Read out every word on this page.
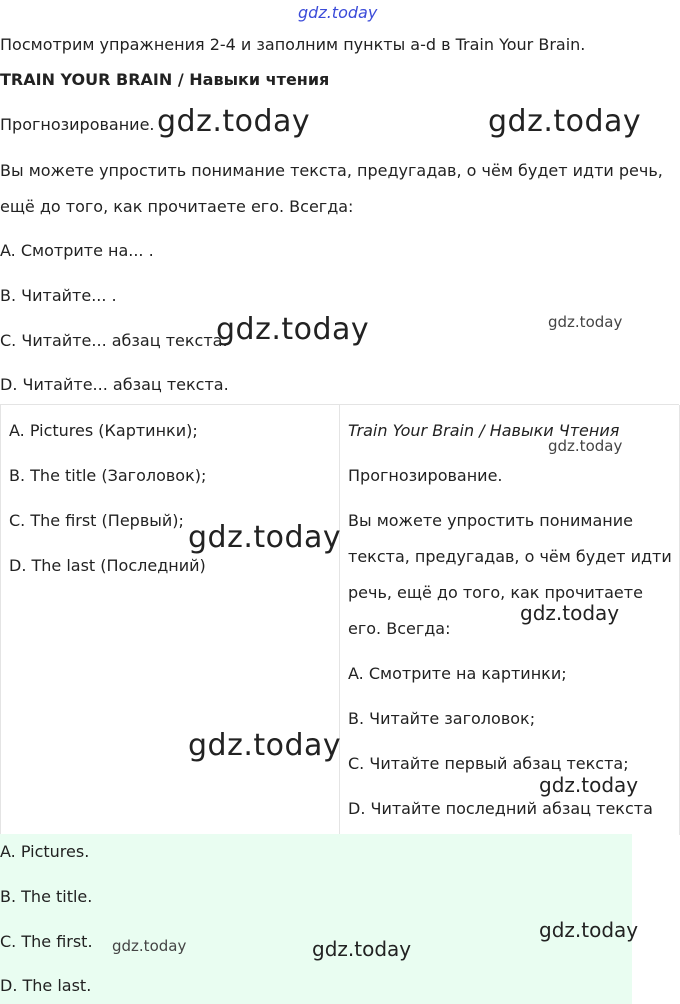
gdz.today
Посмотрим упражнения 2-4 и заполним пункты a-d в Train Your Brain.
TRAIN YOUR BRAIN / Навыки чтения
Прогнозирование.
Вы можете упростить понимание текста, предугадав, о чём будет идти речь,
ещё до того, как прочитаете его. Всегда:
A. Смотрите на... .
B. Читайте... .
C. Читайте... абзац текста.
D. Читайте... абзац текста.
A. Pictures (Картинки);
B. The title (Заголовок);
C. The first (Первый);
D. The last (Последний)
Train Your Brain / Навыки Чтения
Прогнозирование.
Вы можете упростить понимание
текста, предугадав, о чём будет идти
речь, ещё до того, как прочитаете
его. Всегда:
A. Смотрите на картинки;
B. Читайте заголовок;
C. Читайте первый абзац текста;
D. Читайте последний абзац текста
A. Pictures.
B. The title.
C. The first.
D. The last.
gdz.today	gdz.today
gdz.today	gdz.today
gdz.today
gdz.today
gdz.today
gdz.today
gdz.today
gdz.today
gdz.today	gdz.today
